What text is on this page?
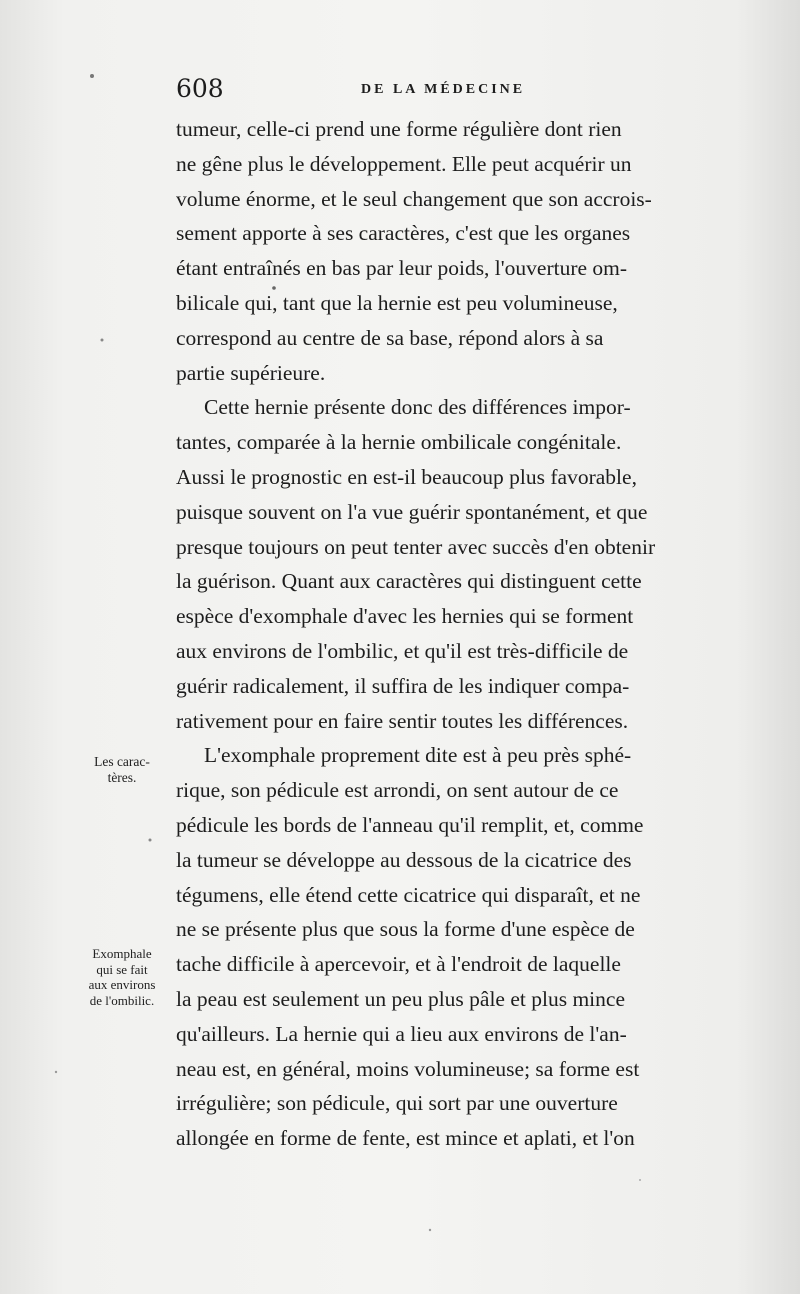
608	DE LA MÉDECINE
tumeur, celle-ci prend une forme régulière dont rien
ne gêne plus le développement. Elle peut acquérir un
volume énorme, et le seul changement que son accrois-
sement apporte à ses caractères, c'est que les organes
étant entraînés en bas par leur poids, l'ouverture om-
bilicale qui, tant que la hernie est peu volumineuse,
correspond au centre de sa base, répond alors à sa
partie supérieure.
Cette hernie présente donc des différences impor-
tantes, comparée à la hernie ombilicale congénitale.
Aussi le prognostic en est-il beaucoup plus favorable,
puisque souvent on l'a vue guérir spontanément, et que
presque toujours on peut tenter avec succès d'en obtenir
la guérison. Quant aux caractères qui distinguent cette
espèce d'exomphale d'avec les hernies qui se forment
aux environs de l'ombilic, et qu'il est très-difficile de
guérir radicalement, il suffira de les indiquer compa-
rativement pour en faire sentir toutes les différences.
L'exomphale proprement dite est à peu près sphé-
rique, son pédicule est arrondi, on sent autour de ce
pédicule les bords de l'anneau qu'il remplit, et, comme
la tumeur se développe au dessous de la cicatrice des
tégumens, elle étend cette cicatrice qui disparaît, et ne
ne se présente plus que sous la forme d'une espèce de
tache difficile à apercevoir, et à l'endroit de laquelle
la peau est seulement un peu plus pâle et plus mince
qu'ailleurs. La hernie qui a lieu aux environs de l'an-
neau est, en général, moins volumineuse; sa forme est
irrégulière; son pédicule, qui sort par une ouverture
allongée en forme de fente, est mince et aplati, et l'on
Les carac-
tères.
Exomphale
qui se fait
aux environs
de l'ombilic.
